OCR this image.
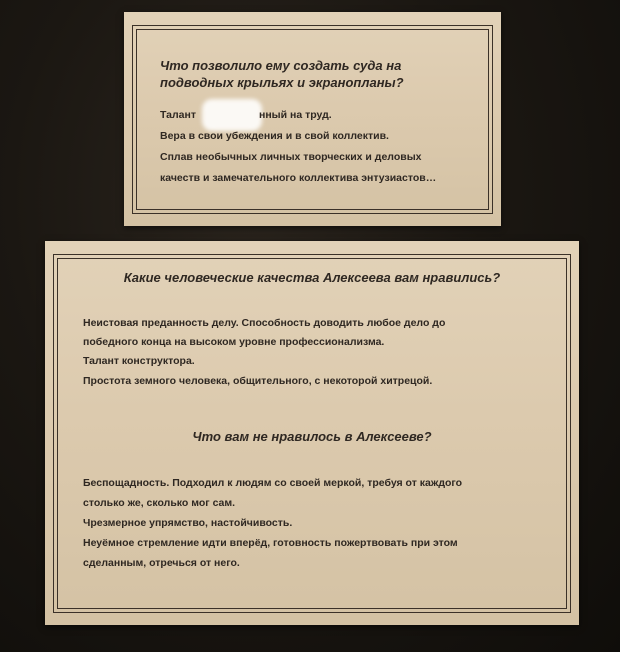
Что позволило ему создать суда на
подводных крыльях и экранопланы?
Талант	нный на труд.
Вера в свои убеждения и в свой коллектив.
Сплав необычных личных творческих и деловых
качеств и замечательного коллектива энтузиастов…
Какие человеческие качества Алексеева вам нравились?
Неистовая преданность делу. Способность доводить любое дело до
победного конца на высоком уровне профессионализма.
Талант конструктора.
Простота земного человека, общительного, с некоторой хитрецой.
Что вам не нравилось в Алексееве?
Беспощадность. Подходил к людям со своей меркой, требуя от каждого
столько же, сколько мог сам.
Чрезмерное упрямство, настойчивость.
Неуёмное стремление идти вперёд, готовность пожертвовать при этом
сделанным, отречься от него.
